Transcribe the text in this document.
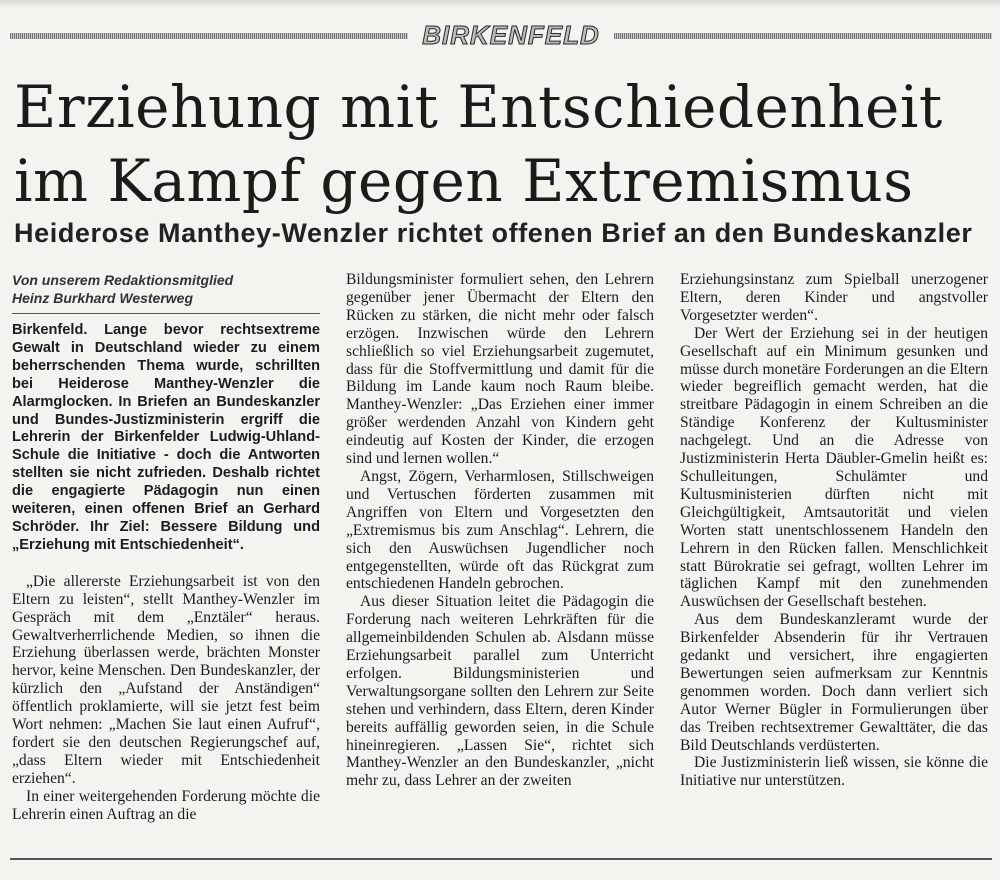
BIRKENFELD
Erziehung mit Entschiedenheit
im Kampf gegen Extremismus
Heiderose Manthey-Wenzler richtet offenen Brief an den Bundeskanzler
Von unserem Redaktionsmitglied
Heinz Burkhard Westerweg

Birkenfeld. Lange bevor rechtsextreme Gewalt in Deutschland wieder zu einem beherrschenden Thema wurde, schrillten bei Heiderose Manthey-Wenzler die Alarmglocken. In Briefen an Bundeskanzler und Bundes-Justizministerin ergriff die Lehrerin der Birkenfelder Ludwig-Uhland-Schule die Initiative - doch die Antworten stellten sie nicht zufrieden. Deshalb richtet die engagierte Pädagogin nun einen weiteren, einen offenen Brief an Gerhard Schröder. Ihr Ziel: Bessere Bildung und „Erziehung mit Entschiedenheit“.

„Die allererste Erziehungsarbeit ist von den Eltern zu leisten“, stellt Manthey-Wenzler im Gespräch mit dem „Enztäler“ heraus. Gewaltverherrlichende Medien, so ihnen die Erziehung überlassen werde, brächten Monster hervor, keine Menschen. Den Bundeskanzler, der kürzlich den „Aufstand der Anständigen“ öffentlich proklamierte, will sie jetzt fest beim Wort nehmen: „Machen Sie laut einen Aufruf“, fordert sie den deutschen Regierungschef auf, „dass Eltern wieder mit Entschiedenheit erziehen“.

In einer weitergehenden Forderung möchte die Lehrerin einen Auftrag an die

Bildungsminister formuliert sehen, den Lehrern gegenüber jener Übermacht der Eltern den Rücken zu stärken, die nicht mehr oder falsch erzögen. Inzwischen würde den Lehrern schließlich so viel Erziehungsarbeit zugemutet, dass für die Stoffvermittlung und damit für die Bildung im Lande kaum noch Raum bleibe. Manthey-Wenzler: „Das Erziehen einer immer größer werdenden Anzahl von Kindern geht eindeutig auf Kosten der Kinder, die erzogen sind und lernen wollen.“

Angst, Zögern, Verharmlosen, Stillschweigen und Vertuschen förderten zusammen mit Angriffen von Eltern und Vorgesetzten den „Extremismus bis zum Anschlag“. Lehrern, die sich den Auswüchsen Jugendlicher noch entgegenstellten, würde oft das Rückgrat zum entschiedenen Handeln gebrochen.

Aus dieser Situation leitet die Pädagogin die Forderung nach weiteren Lehrkräften für die allgemeinbildenden Schulen ab. Alsdann müsse Erziehungsarbeit parallel zum Unterricht erfolgen. Bildungsministerien und Verwaltungsorgane sollten den Lehrern zur Seite stehen und verhindern, dass Eltern, deren Kinder bereits auffällig geworden seien, in die Schule hineinregieren. „Lassen Sie“, richtet sich Manthey-Wenzler an den Bundeskanzler, „nicht mehr zu, dass Lehrer an der zweiten

Erziehungsinstanz zum Spielball unerzogener Eltern, deren Kinder und angstvoller Vorgesetzter werden“.

Der Wert der Erziehung sei in der heutigen Gesellschaft auf ein Minimum gesunken und müsse durch monetäre Forderungen an die Eltern wieder begreiflich gemacht werden, hat die streitbare Pädagogin in einem Schreiben an die Ständige Konferenz der Kultusminister nachgelegt. Und an die Adresse von Justizministerin Herta Däubler-Gmelin heißt es: Schulleitungen, Schulämter und Kultusministerien dürften nicht mit Gleichgültigkeit, Amtsautorität und vielen Worten statt unentschlossenem Handeln den Lehrern in den Rücken fallen. Menschlichkeit statt Bürokratie sei gefragt, wollten Lehrer im täglichen Kampf mit den zunehmenden Auswüchsen der Gesellschaft bestehen.

Aus dem Bundeskanzleramt wurde der Birkenfelder Absenderin für ihr Vertrauen gedankt und versichert, ihre engagierten Bewertungen seien aufmerksam zur Kenntnis genommen worden. Doch dann verliert sich Autor Werner Bügler in Formulierungen über das Treiben rechtsextremer Gewalttäter, die das Bild Deutschlands verdüsterten.

Die Justizministerin ließ wissen, sie könne die Initiative nur unterstützen.
